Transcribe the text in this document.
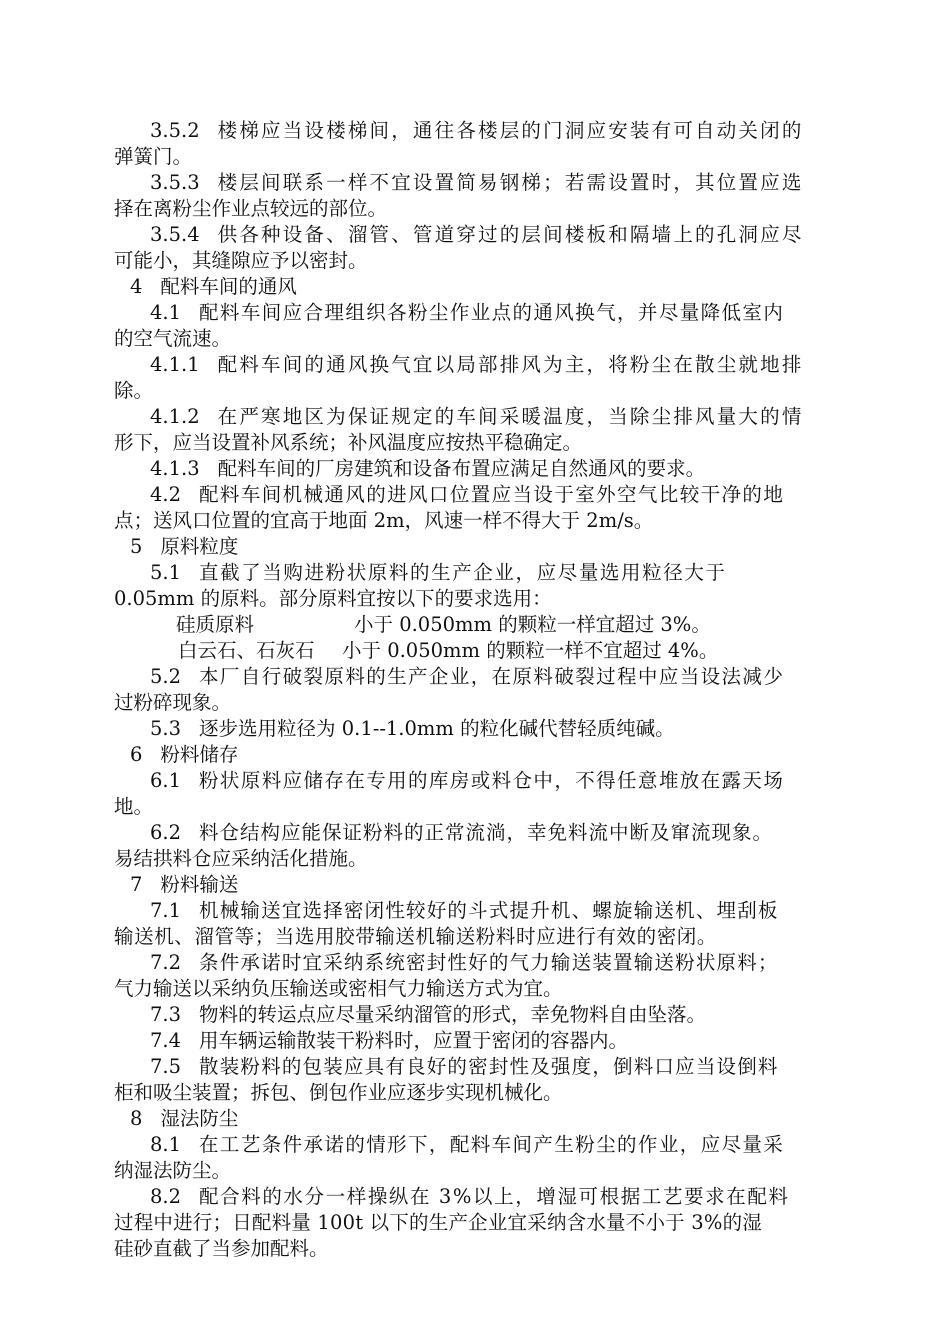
3.5.2 楼梯应当设楼梯间，通往各楼层的门洞应安装有可自动关闭的
弹簧门。
3.5.3 楼层间联系一样不宜设置简易钢梯；若需设置时，其位置应选
择在离粉尘作业点较远的部位。
3.5.4 供各种设备、溜管、管道穿过的层间楼板和隔墙上的孔洞应尽
可能小，其缝隙应予以密封。
4 配料车间的通风
4.1 配料车间应合理组织各粉尘作业点的通风换气，并尽量降低室内
的空气流速。
4.1.1 配料车间的通风换气宜以局部排风为主，将粉尘在散尘就地排
除。
4.1.2 在严寒地区为保证规定的车间采暖温度，当除尘排风量大的情
形下，应当设置补风系统；补风温度应按热平稳确定。
4.1.3 配料车间的厂房建筑和设备布置应满足自然通风的要求。
4.2 配料车间机械通风的进风口位置应当设于室外空气比较干净的地
点；送风口位置的宜高于地面 2m，风速一样不得大于 2m/s。
5 原料粒度
5.1 直截了当购进粉状原料的生产企业，应尽量选用粒径大于
0.05mm 的原料。部分原料宜按以下的要求选用：
硅质原料	小于 0.050mm 的颗粒一样宜超过 3%。
白云石、石灰石	小于 0.050mm 的颗粒一样不宜超过 4%。
5.2 本厂自行破裂原料的生产企业，在原料破裂过程中应当设法减少
过粉碎现象。
5.3 逐步选用粒径为 0.1--1.0mm 的粒化碱代替轻质纯碱。
6 粉料储存
6.1 粉状原料应储存在专用的库房或料仓中，不得任意堆放在露天场
地。
6.2 料仓结构应能保证粉料的正常流淌，幸免料流中断及窜流现象。
易结拱料仓应采纳活化措施。
7 粉料输送
7.1 机械输送宜选择密闭性较好的斗式提升机、螺旋输送机、埋刮板
输送机、溜管等；当选用胶带输送机输送粉料时应进行有效的密闭。
7.2 条件承诺时宜采纳系统密封性好的气力输送装置输送粉状原料；
气力输送以采纳负压输送或密相气力输送方式为宜。
7.3 物料的转运点应尽量采纳溜管的形式，幸免物料自由坠落。
7.4 用车辆运输散装干粉料时，应置于密闭的容器内。
7.5 散装粉料的包装应具有良好的密封性及强度，倒料口应当设倒料
柜和吸尘装置；拆包、倒包作业应逐步实现机械化。
8 湿法防尘
8.1 在工艺条件承诺的情形下，配料车间产生粉尘的作业，应尽量采
纳湿法防尘。
8.2 配合料的水分一样操纵在 3%以上，增湿可根据工艺要求在配料
过程中进行；日配料量 100t 以下的生产企业宜采纳含水量不小于 3%的湿
硅砂直截了当参加配料。
